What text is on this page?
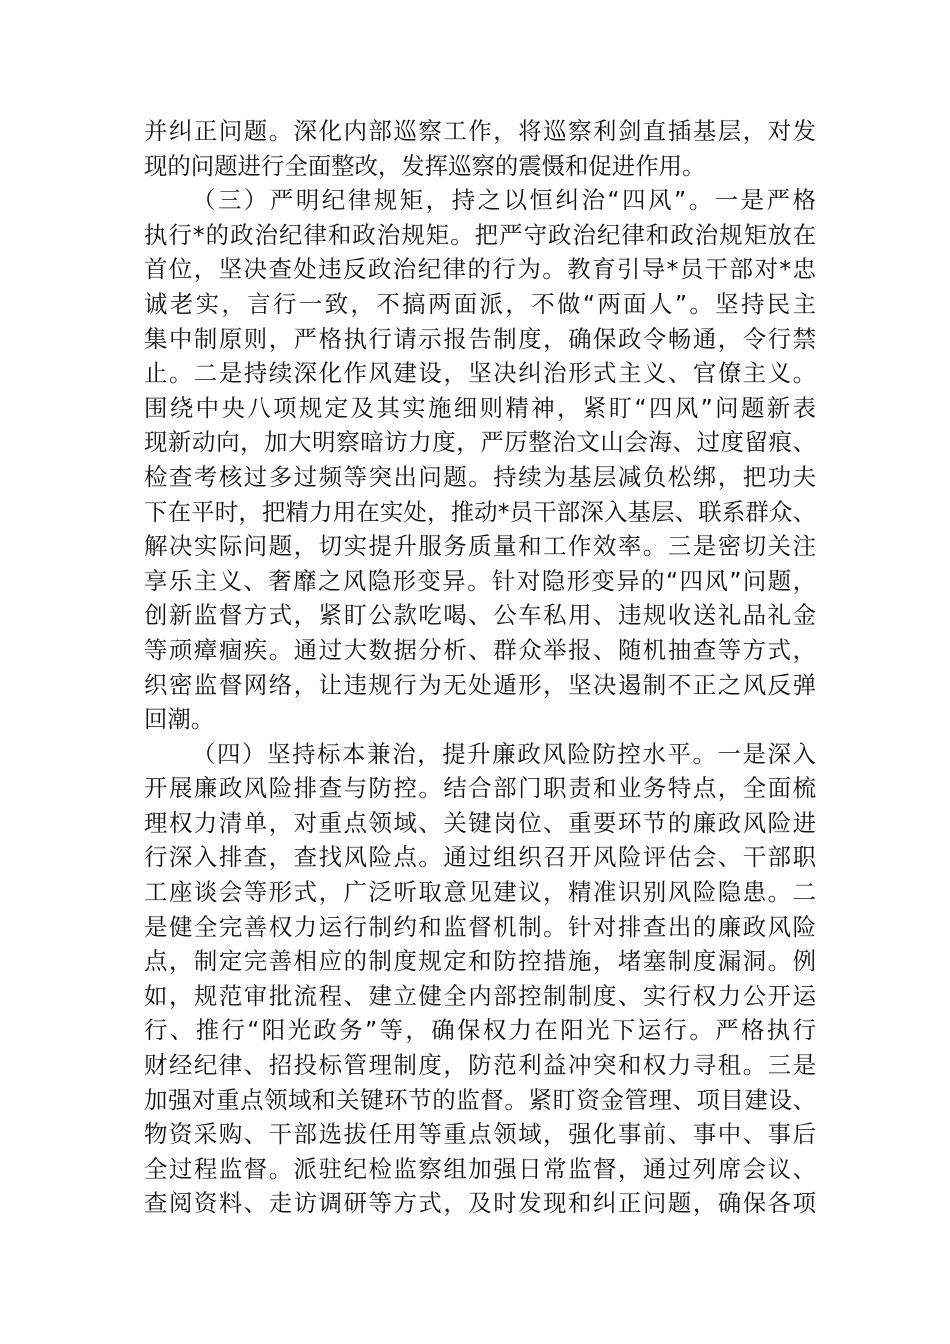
并纠正问题。深化内部巡察工作，将巡察利剑直插基层，对发
现的问题进行全面整改，发挥巡察的震慑和促进作用。
（三）严明纪律规矩，持之以恒纠治“四风”。一是严格
执行*的政治纪律和政治规矩。把严守政治纪律和政治规矩放在
首位，坚决查处违反政治纪律的行为。教育引导*员干部对*忠
诚老实，言行一致，不搞两面派，不做“两面人”。坚持民主
集中制原则，严格执行请示报告制度，确保政令畅通，令行禁
止。二是持续深化作风建设，坚决纠治形式主义、官僚主义。
围绕中央八项规定及其实施细则精神，紧盯“四风”问题新表
现新动向，加大明察暗访力度，严厉整治文山会海、过度留痕、
检查考核过多过频等突出问题。持续为基层减负松绑，把功夫
下在平时，把精力用在实处，推动*员干部深入基层、联系群众、
解决实际问题，切实提升服务质量和工作效率。三是密切关注
享乐主义、奢靡之风隐形变异。针对隐形变异的“四风”问题，
创新监督方式，紧盯公款吃喝、公车私用、违规收送礼品礼金
等顽瘴痼疾。通过大数据分析、群众举报、随机抽查等方式，
织密监督网络，让违规行为无处遁形，坚决遏制不正之风反弹
回潮。
（四）坚持标本兼治，提升廉政风险防控水平。一是深入
开展廉政风险排查与防控。结合部门职责和业务特点，全面梳
理权力清单，对重点领域、关键岗位、重要环节的廉政风险进
行深入排查，查找风险点。通过组织召开风险评估会、干部职
工座谈会等形式，广泛听取意见建议，精准识别风险隐患。二
是健全完善权力运行制约和监督机制。针对排查出的廉政风险
点，制定完善相应的制度规定和防控措施，堵塞制度漏洞。例
如，规范审批流程、建立健全内部控制制度、实行权力公开运
行、推行“阳光政务”等，确保权力在阳光下运行。严格执行
财经纪律、招投标管理制度，防范利益冲突和权力寻租。三是
加强对重点领域和关键环节的监督。紧盯资金管理、项目建设、
物资采购、干部选拔任用等重点领域，强化事前、事中、事后
全过程监督。派驻纪检监察组加强日常监督，通过列席会议、
查阅资料、走访调研等方式，及时发现和纠正问题，确保各项
